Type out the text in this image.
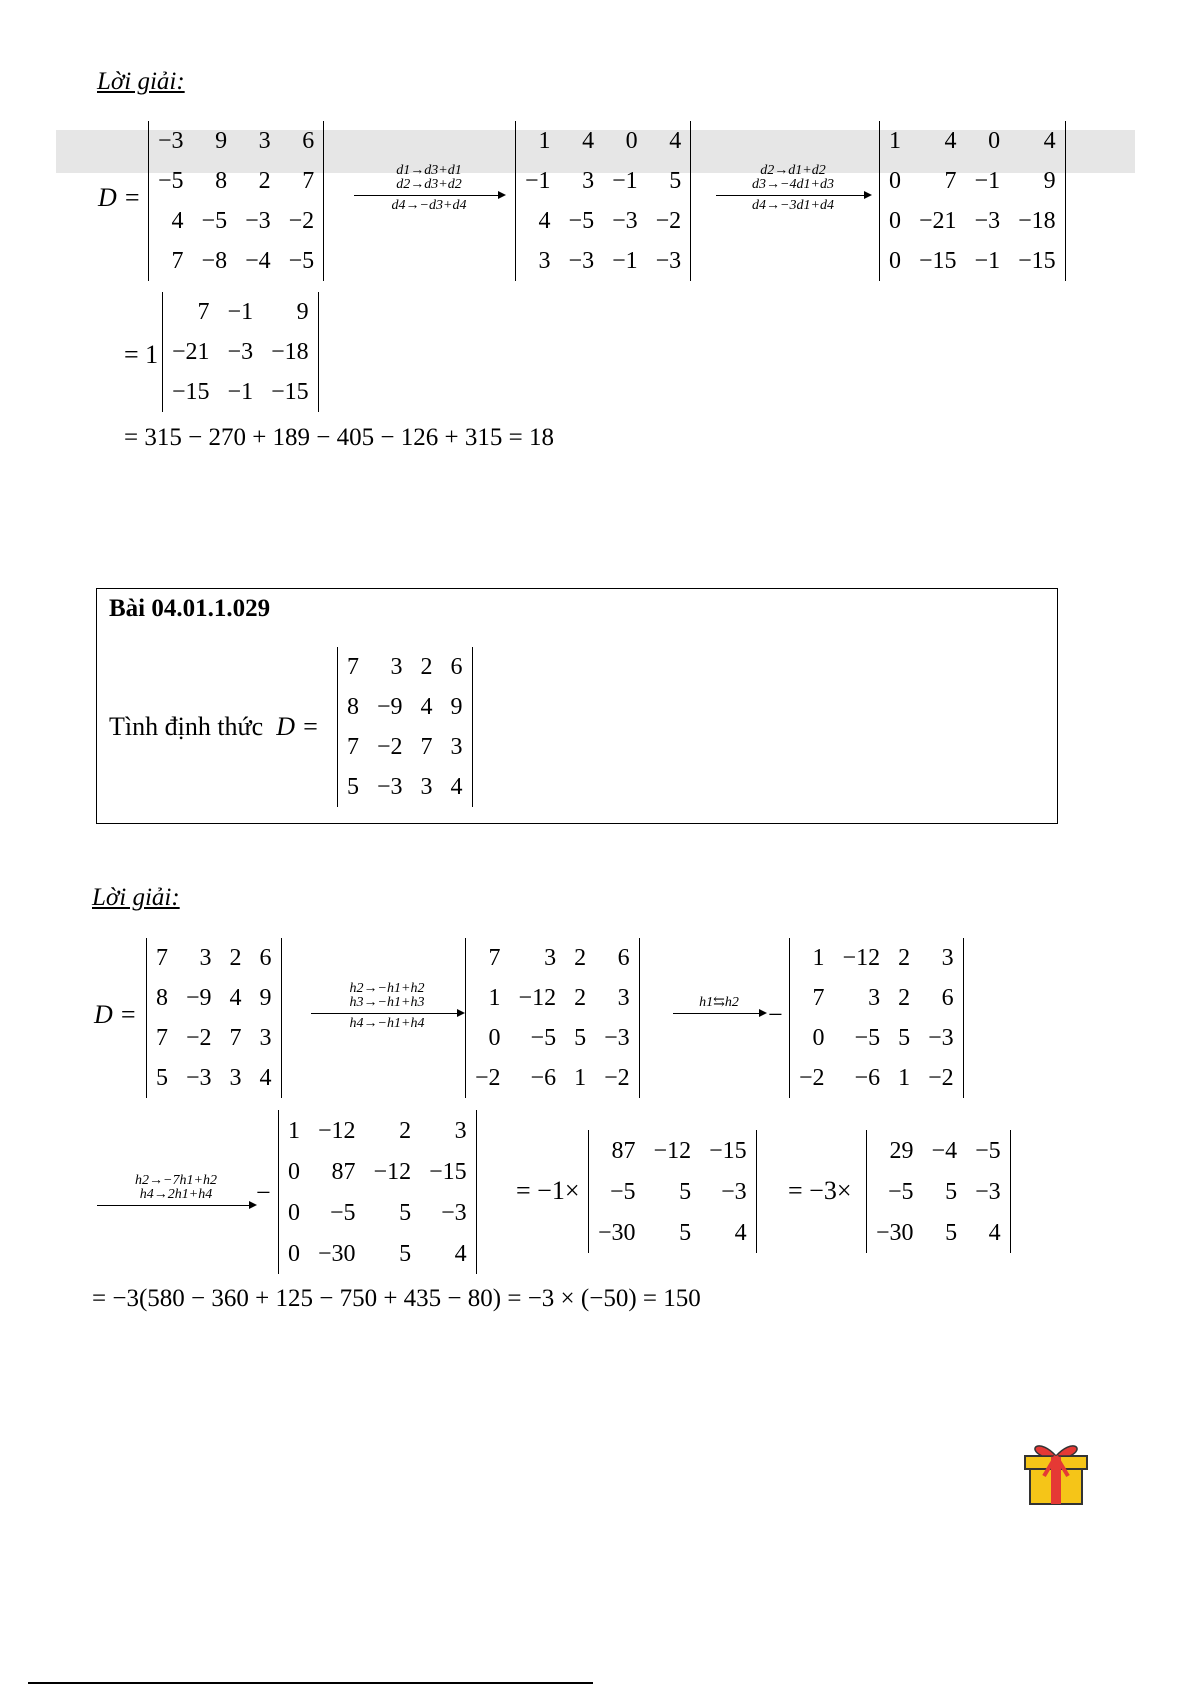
Lời giải:
D =
−3	9	3	6
−5	8	2	7
4	−5	−3	−2
7	−8	−4	−5
d1→d3+d1
d2→d3+d2
d4→−d3+d4
1	4	0	4
−1	3	−1	5
4	−5	−3	−2
3	−3	−1	−3
d2→d1+d2
d3→−4d1+d3
d4→−3d1+d4
1	4	0	4
0	7	−1	9
0	−21	−3	−18
0	−15	−1	−15
= 1
7	−1	9
−21	−3	−18
−15	−1	−15
= 315 − 270 + 189 − 405 − 126 + 315 = 18
Bài 04.01.1.029
Tình định thức D =
7	3	2	6
8	−9	4	9
7	−2	7	3
5	−3	3	4
Lời giải:
D =
7	3	2	6
8	−9	4	9
7	−2	7	3
5	−3	3	4
h2→−h1+h2
h3→−h1+h3
h4→−h1+h4
7	3	2	6
1	−12	2	3
0	−5	5	−3
−2	−6	1	−2
h1⇆h2	−
1	−12	2	3
7	3	2	6
0	−5	5	−3
−2	−6	1	−2
h2→−7h1+h2
h4→2h1+h4	−
1	−12	2	3
0	87	−12	−15
0	−5	5	−3
0	−30	5	4
= −1×
87	−12	−15
−5	5	−3
−30	5	4
= −3×
29	−4	−5
−5	5	−3
−30	5	4
= −3(580 − 360 + 125 − 750 + 435 − 80) = −3 × (−50) = 150
